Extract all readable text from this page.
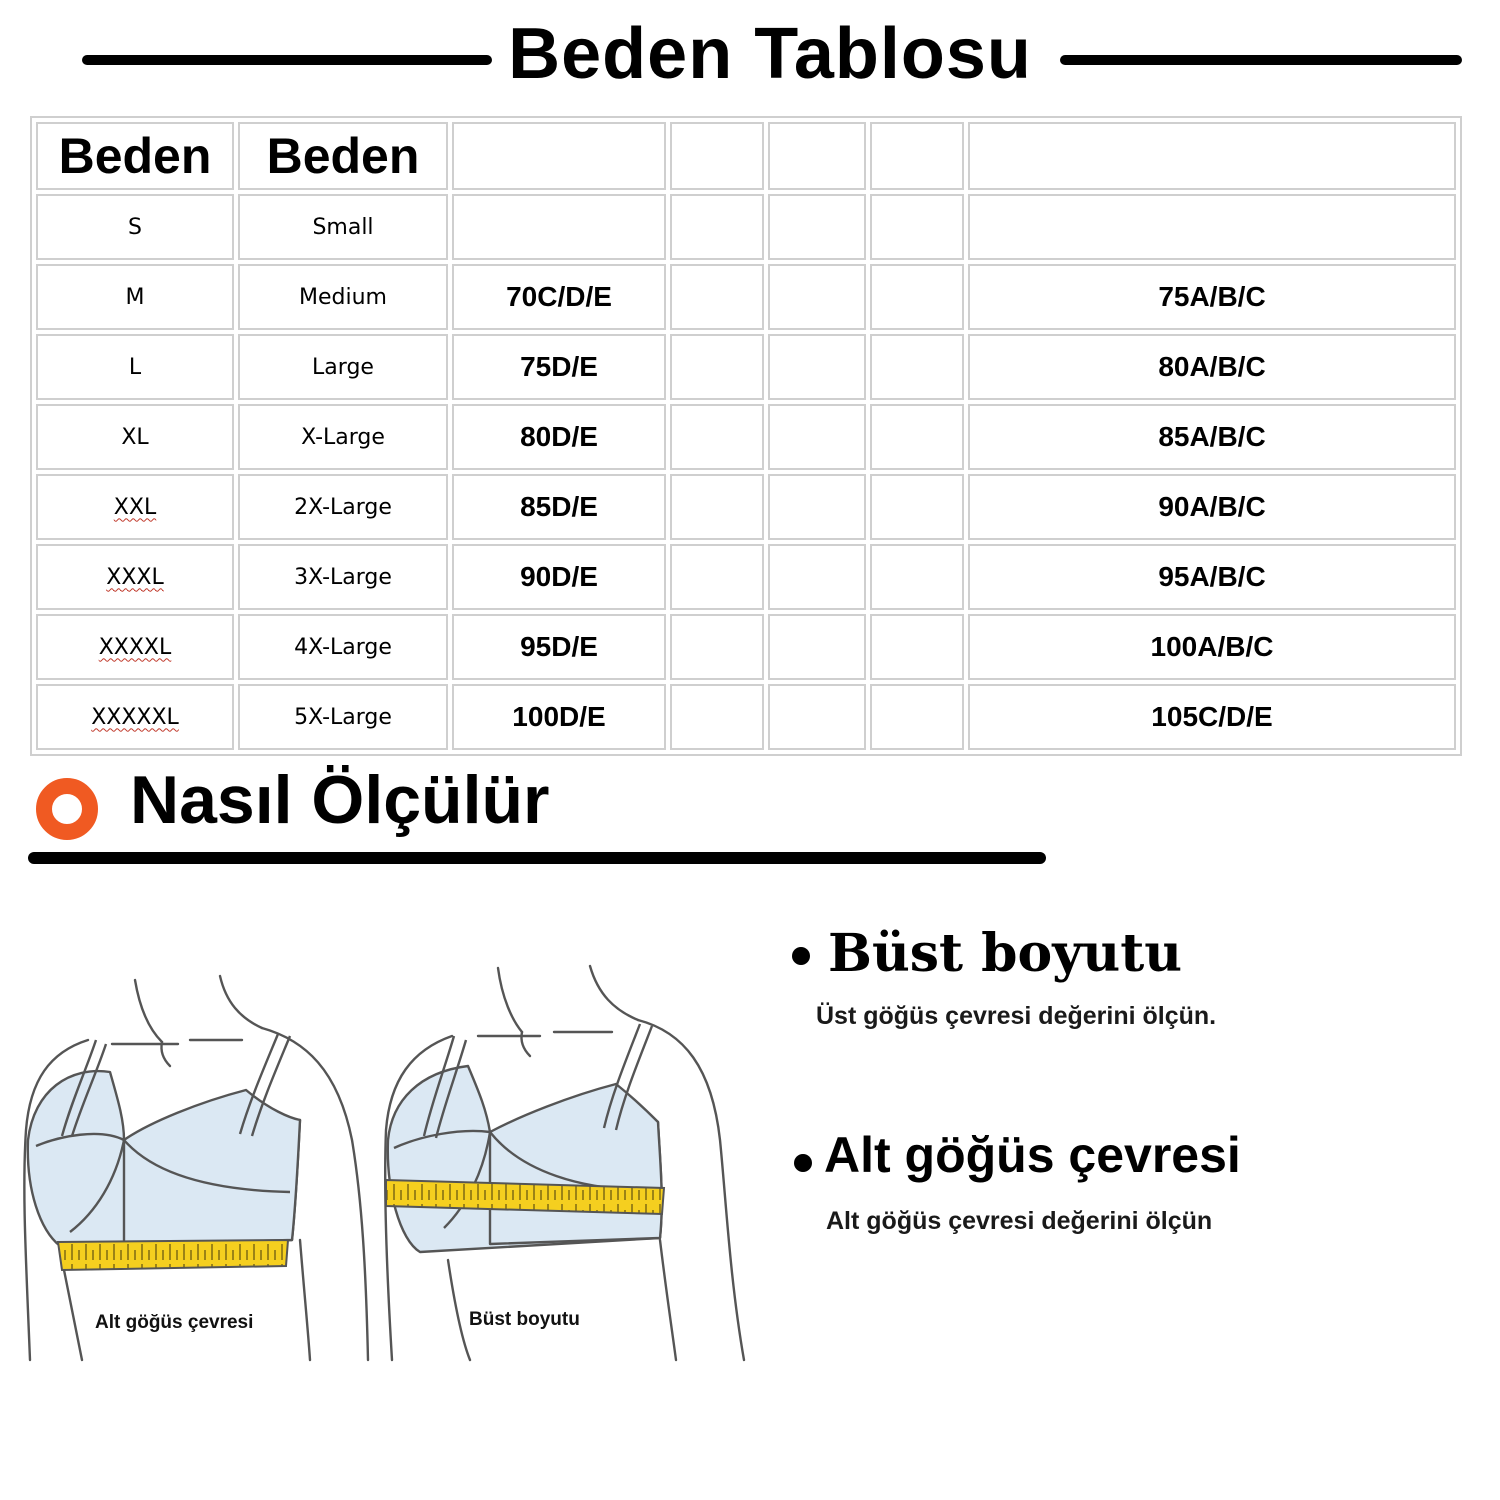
Beden Tablosu
Beden	Beden					
S	Small					
M	Medium	70C/D/E				75A/B/C
L	Large	75D/E				80A/B/C
XL	X-Large	80D/E				85A/B/C
XXL	2X-Large	85D/E				90A/B/C
XXXL	3X-Large	90D/E				95A/B/C
XXXXL	4X-Large	95D/E				100A/B/C
XXXXXL	5X-Large	100D/E				105C/D/E
Nasıl Ölçülür
Alt göğüs çevresi	Büst boyutu
Büst boyutu
Üst göğüs çevresi değerini ölçün.
Alt göğüs çevresi
Alt göğüs çevresi değerini ölçün
